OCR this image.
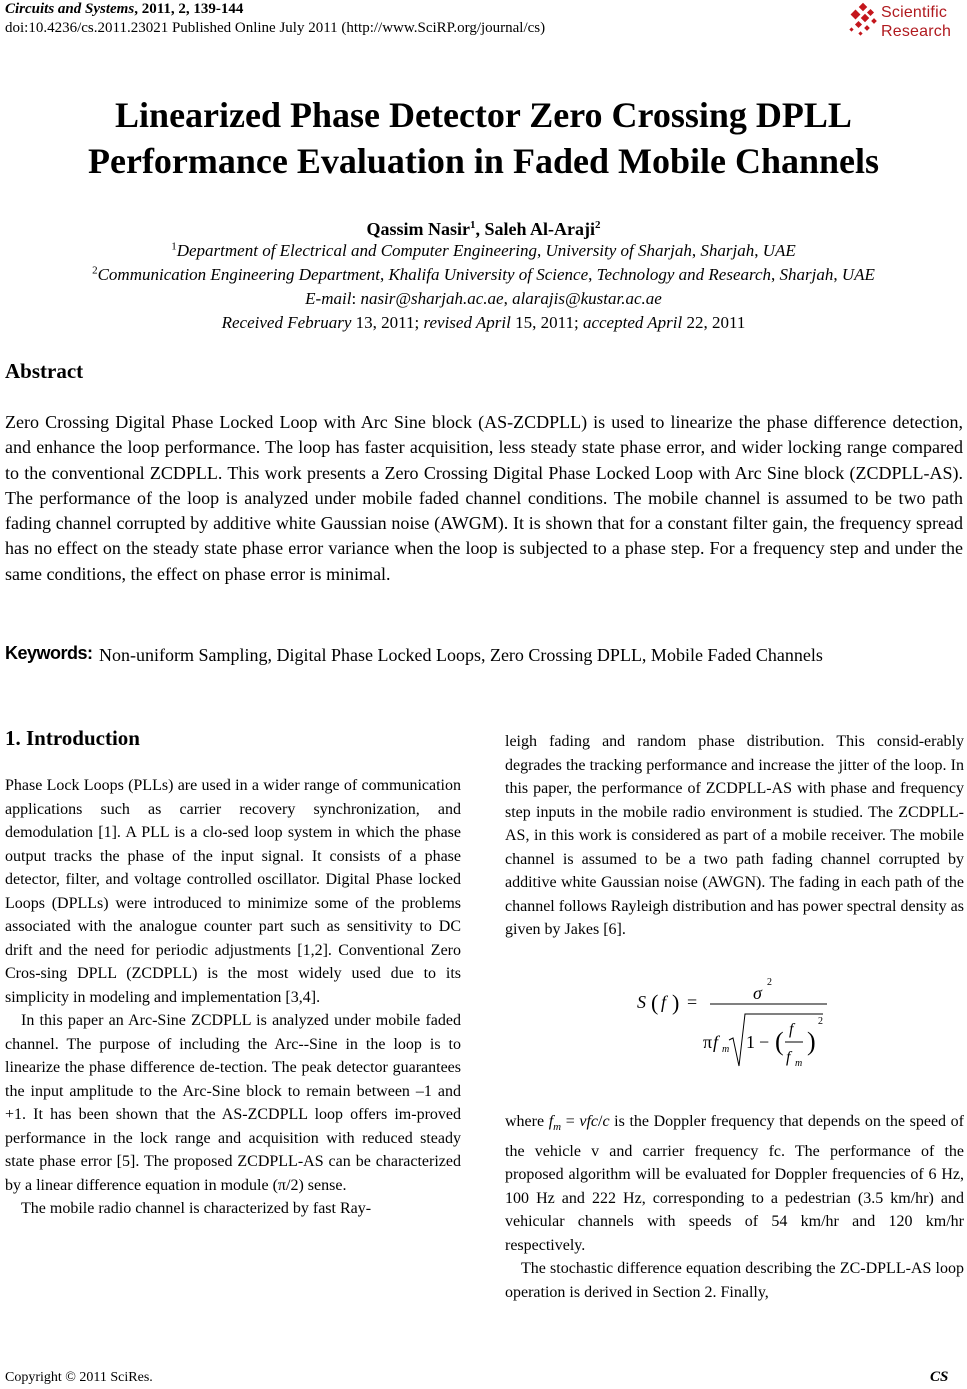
Circuits and Systems, 2011, 2, 139-144
doi:10.4236/cs.2011.23021 Published Online July 2011 (http://www.SciRP.org/journal/cs)
Scientific
Research
Linearized Phase Detector Zero Crossing DPLL
Performance Evaluation in Faded Mobile Channels
Qassim Nasir$^1$, Saleh Al-Araji$^2$
$^1$Department of Electrical and Computer Engineering, University of Sharjah, Sharjah, UAE
$^2$Communication Engineering Department, Khalifa University of Science, Technology and Research, Sharjah, UAE
E-mail: nasir@sharjah.ac.ae, alarajis@kustar.ac.ae
Received February 13, 2011; revised April 15, 2011; accepted April 22, 2011
Abstract
Zero Crossing Digital Phase Locked Loop with Arc Sine block (AS-ZCDPLL) is used to linearize the phase difference detection, and enhance the loop performance. The loop has faster acquisition, less steady state phase error, and wider locking range compared to the conventional ZCDPLL. This work presents a Zero Crossing Digital Phase Locked Loop with Arc Sine block (ZCDPLL-AS). The performance of the loop is analyzed under mobile faded channel conditions. The mobile channel is assumed to be two path fading channel corrupted by additive white Gaussian noise (AWGM). It is shown that for a constant filter gain, the frequency spread has no effect on the steady state phase error variance when the loop is subjected to a phase step. For a frequency step and under the same conditions, the effect on phase error is minimal.
Keywords: Non-uniform Sampling, Digital Phase Locked Loops, Zero Crossing DPLL, Mobile Faded Channels
1. Introduction

Phase Lock Loops (PLLs) are used in a wider range of communication applications such as carrier recovery synchronization, and demodulation [1]. A PLL is a clo-sed loop system in which the phase output tracks the phase of the input signal. It consists of a phase detector, filter, and voltage controlled oscillator. Digital Phase locked Loops (DPLLs) were introduced to minimize some of the problems associated with the analogue counter part such as sensitivity to DC drift and the need for periodic adjustments [1,2]. Conventional Zero Cros-sing DPLL (ZCDPLL) is the most widely used due to its simplicity in modeling and implementation [3,4].

In this paper an Arc-Sine ZCDPLL is analyzed under mobile faded channel. The purpose of including the Arc--Sine in the loop is to linearize the phase difference de-tection. The peak detector guarantees the input amplitude to the Arc-Sine block to remain between –1 and +1. It has been shown that the AS-ZCDPLL loop offers im-proved performance in the lock range and acquisition with reduced steady state phase error [5]. The proposed ZCDPLL-AS can be characterized by a linear difference equation in module (π/2) sense.

The mobile radio channel is characterized by fast Ray-

leigh fading and random phase distribution. This consid-erably degrades the tracking performance and increase the jitter of the loop. In this paper, the performance of ZCDPLL-AS with phase and frequency step inputs in the mobile radio environment is studied. The ZCDPLL-AS, in this work is considered as part of a mobile receiver. The mobile channel is assumed to be a two path fading channel corrupted by additive white Gaussian noise (AWGN). The fading in each path of the channel follows Rayleigh distribution and has power spectral density as given by Jakes [6].

S ( f ) =	σ
2
π f m 1 − ( f
f m
)
2

where $f_m = vfc/c$ is the Doppler frequency that depends on the speed of the vehicle v and carrier frequency fc. The performance of the proposed algorithm will be evaluated for Doppler frequencies of 6 Hz, 100 Hz and 222 Hz, corresponding to a pedestrian (3.5 km/hr) and vehicular channels with speeds of 54 km/hr and 120 km/hr respectively.

The stochastic difference equation describing the ZC-DPLL-AS loop operation is derived in Section 2. Finally,

Copyright © 2011 SciRes.	CS
